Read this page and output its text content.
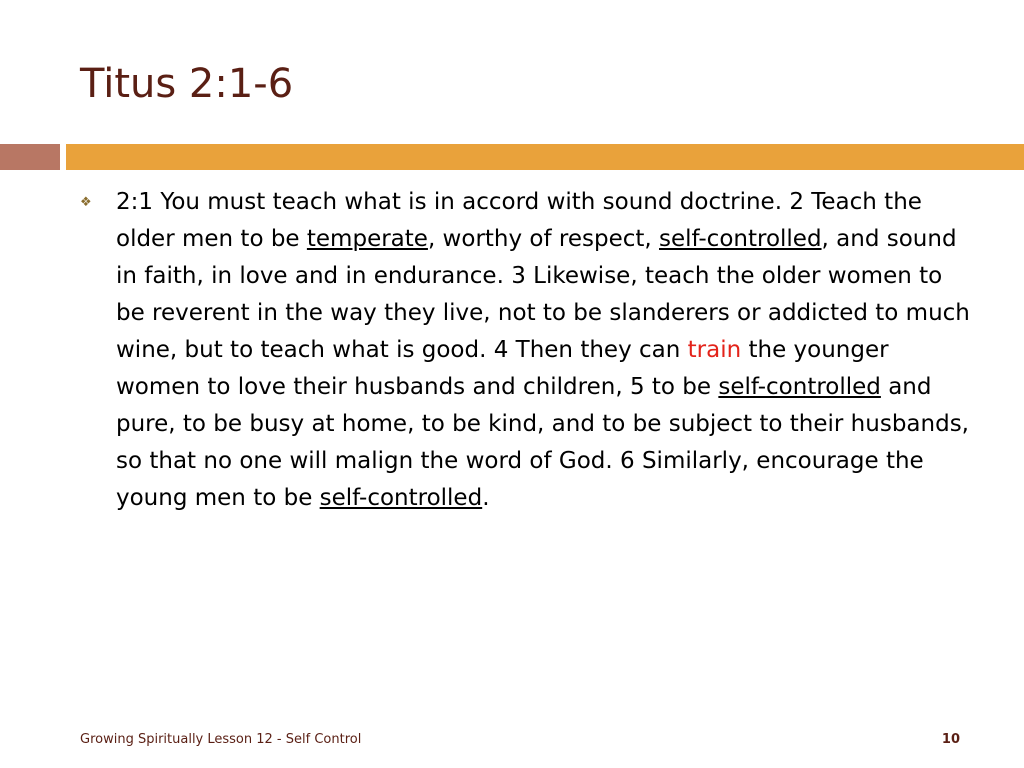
Titus 2:1-6
❖ 2:1 You must teach what is in accord with sound doctrine. 2 Teach the older men to be temperate, worthy of respect, self-controlled, and sound in faith, in love and in endurance. 3 Likewise, teach the older women to be reverent in the way they live, not to be slanderers or addicted to much wine, but to teach what is good. 4 Then they can train the younger women to love their husbands and children, 5 to be self-controlled and pure, to be busy at home, to be kind, and to be subject to their husbands, so that no one will malign the word of God. 6 Similarly, encourage the young men to be self-controlled.

Growing Spiritually Lesson 12 - Self Control	10
